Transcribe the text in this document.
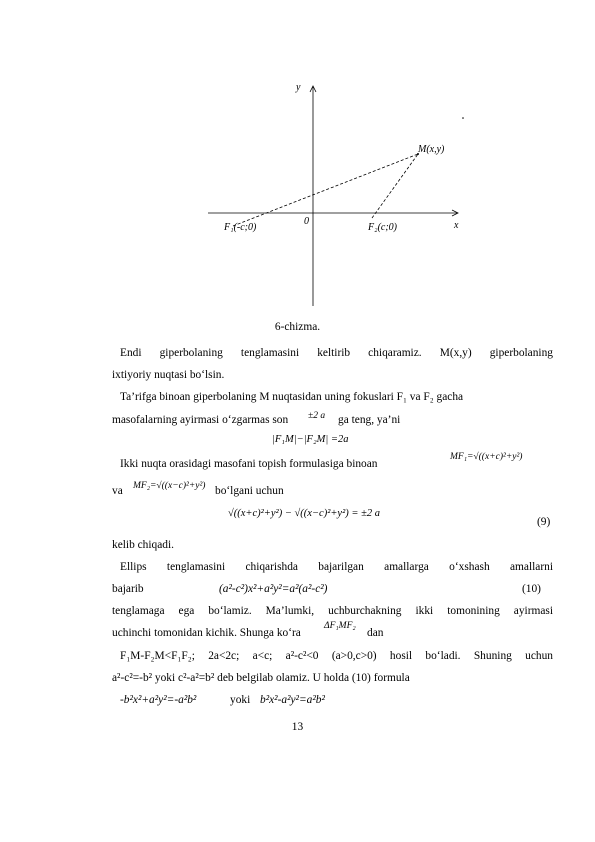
y
x
0
M(x,y)
F₁(-c;0)	F₂(c;0)
6-chizma.
Endi giperbolaning tenglamasini keltirib chiqaramiz. M(x,y) giperbolaning
ixtiyoriy nuqtasi bo‘lsin.
Ta’rifga binoan giperbolaning M nuqtasidan uning fokuslari F₁ va F₂ gacha
masofalarning ayirmasi o‘zgarmas son ±2 a ga teng, ya’ni
|F₁M|−|F₂M| =2a
Ikki nuqta orasidagi masofani topish formulasiga binoan
MF₁=√((x+c)²+y²)
va MF₂=√((x−c)²+y²) bo‘lgani uchun
√((x+c)²+y²) − √((x−c)²+y²) = ±2 a
(9)
kelib chiqadi.
Ellips tenglamasini chiqarishda bajarilgan amallarga o‘xshash amallarni
bajarib	(a²-c²)x²+a²y²=a²(a²-c²)	(10)
tenglamaga ega bo‘lamiz. Ma’lumki, uchburchakning ikki tomonining ayirmasi
uchinchi tomonidan kichik. Shunga ko‘ra
ΔF₁MF₂
dan
F₁M-F₂M<F₁F₂; 2a<2c; a<c; a²-c²<0 (a>0,c>0) hosil bo‘ladi. Shuning uchun
a²-c²=-b² yoki c²-a²=b² deb belgilab olamiz. U holda (10) formula
-b²x²+a²y²=-a²b²	yoki b²x²-a²y²=a²b²
13
